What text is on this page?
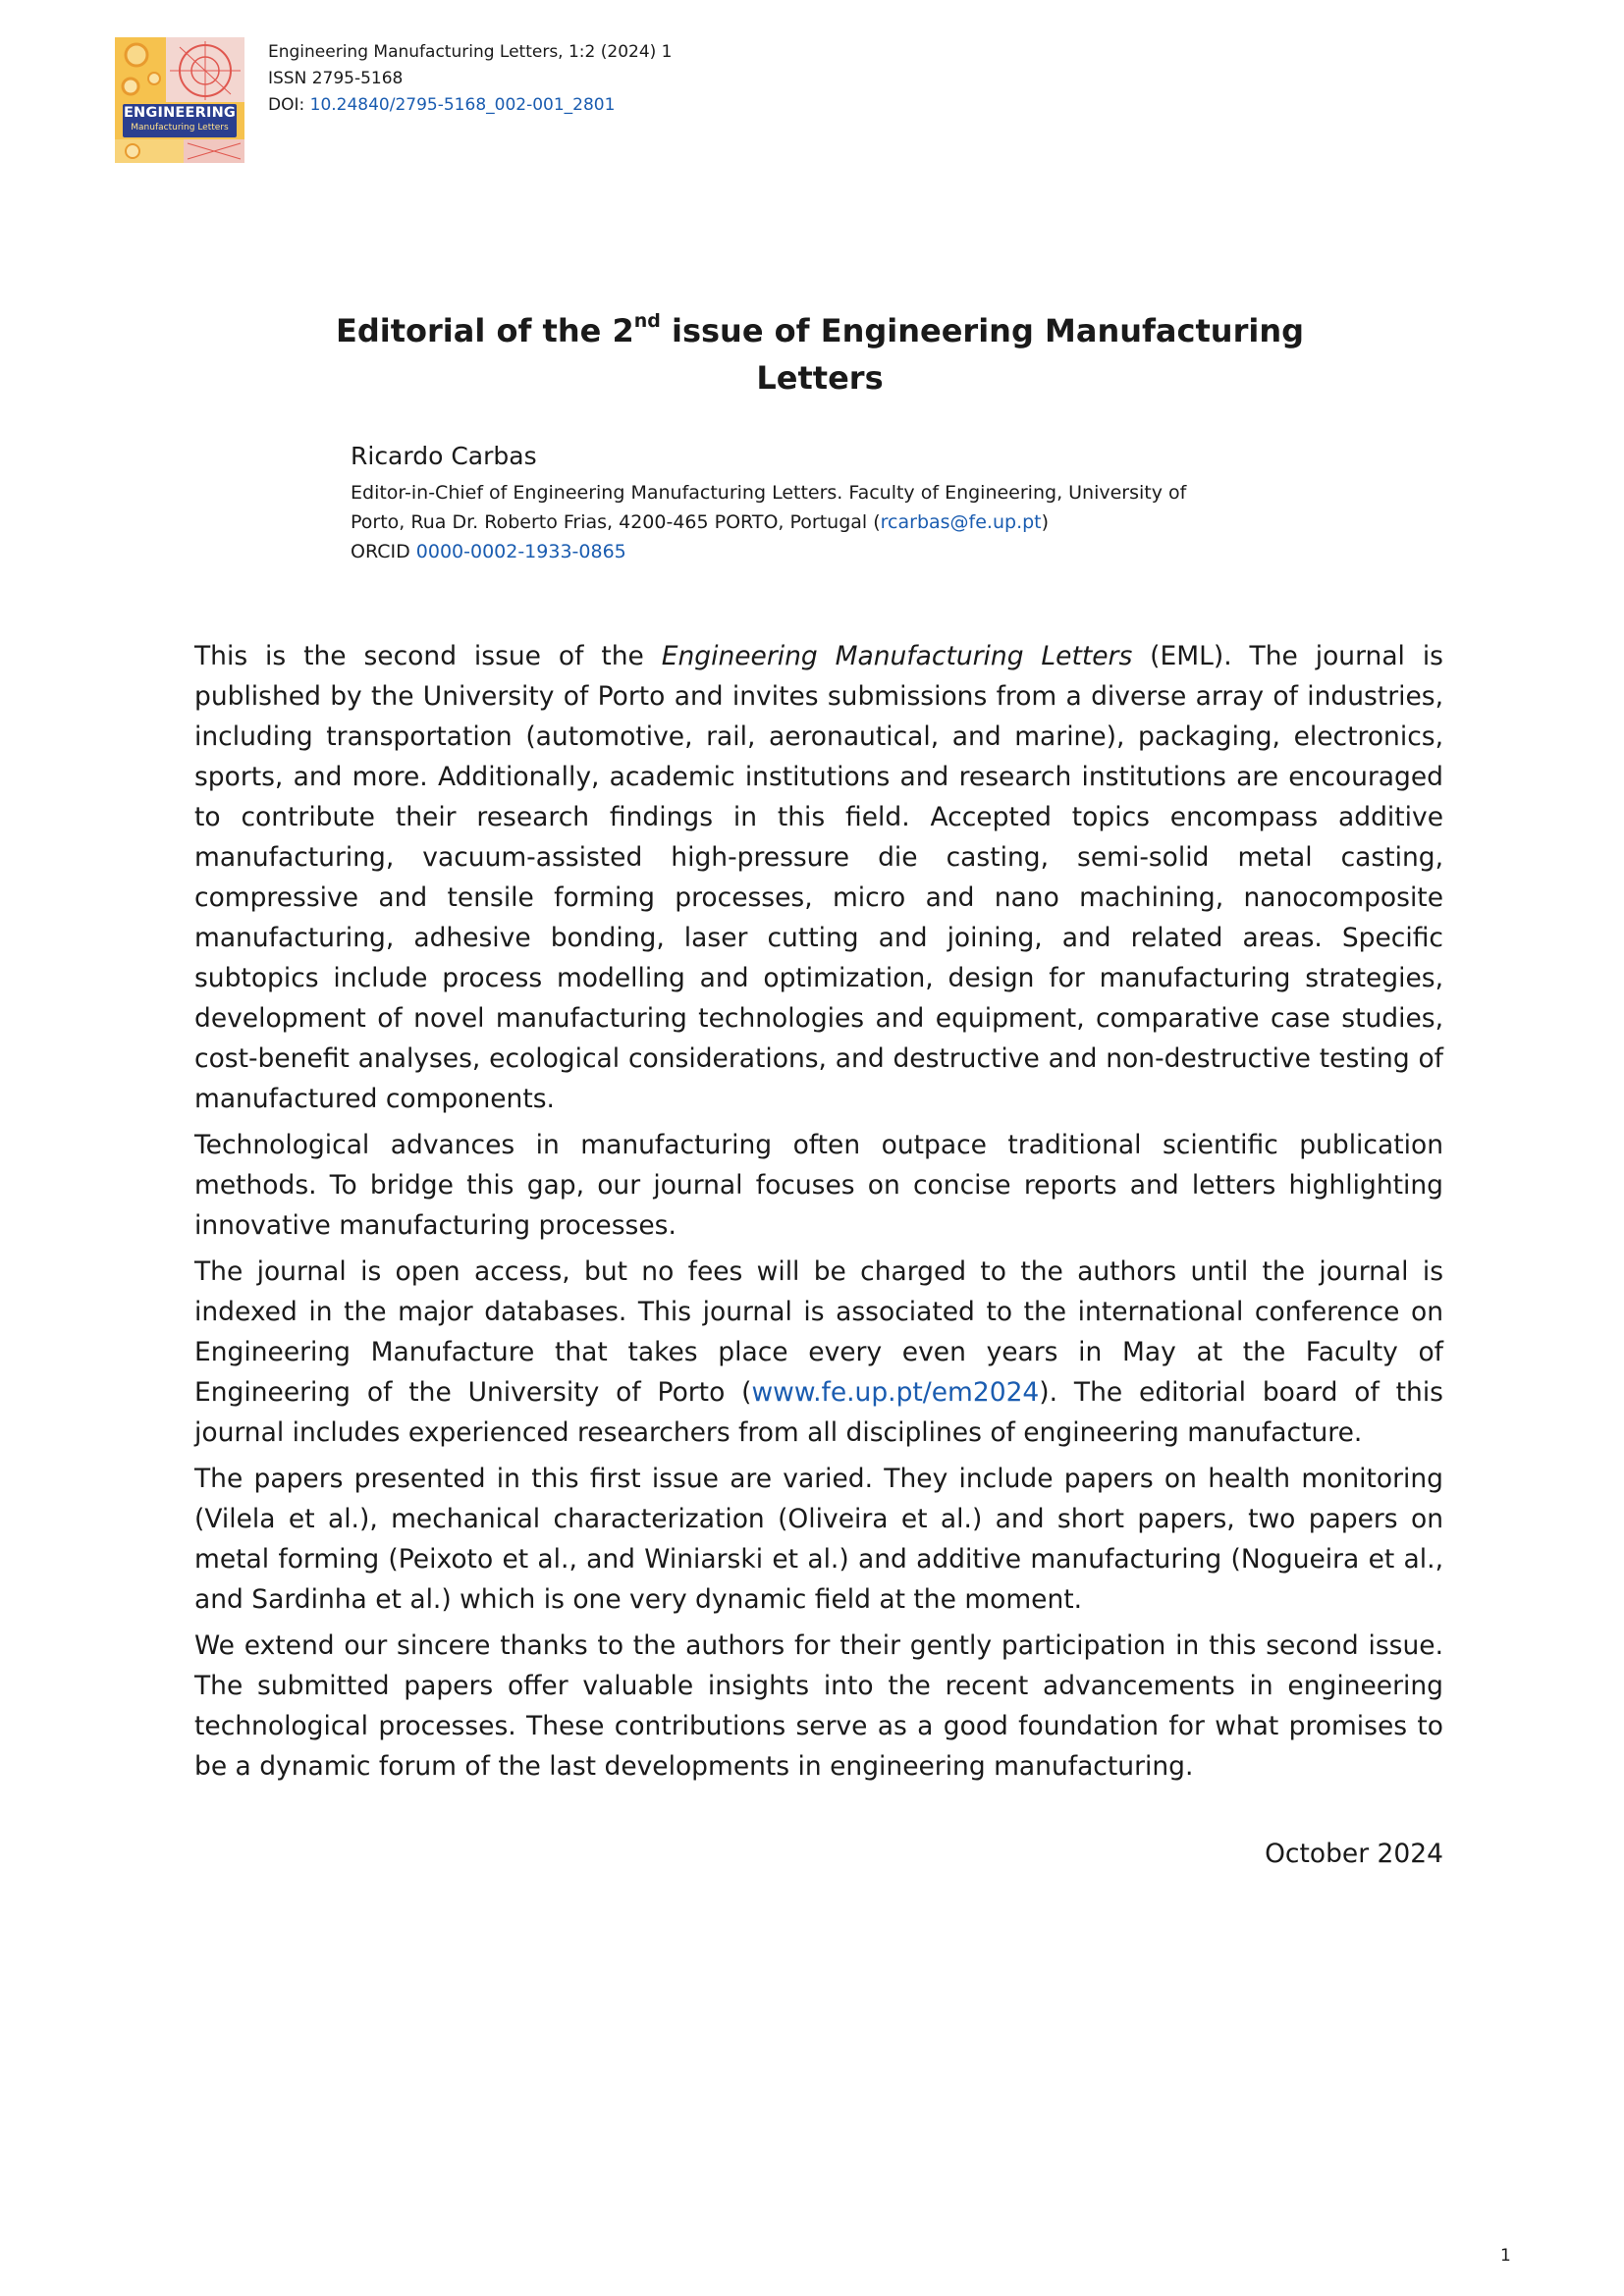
ENGINEERING
Manufacturing Letters
Engineering Manufacturing Letters, 1:2 (2024) 1
ISSN 2795-5168
DOI: 10.24840/2795-5168_002-001_2801
Editorial of the 2nd issue of Engineering Manufacturing
Letters
Ricardo Carbas
Editor-in-Chief of Engineering Manufacturing Letters. Faculty of Engineering, University of
Porto, Rua Dr. Roberto Frias, 4200-465 PORTO, Portugal (rcarbas@fe.up.pt)
ORCID 0000-0002-1933-0865

This is the second issue of the Engineering Manufacturing Letters (EML). The journal is published by the University of Porto and invites submissions from a diverse array of industries, including transportation (automotive, rail, aeronautical, and marine), packaging, electronics, sports, and more. Additionally, academic institutions and research institutions are encouraged to contribute their research findings in this field. Accepted topics encompass additive manufacturing, vacuum-assisted high-pressure die casting, semi-solid metal casting, compressive and tensile forming processes, micro and nano machining, nanocomposite manufacturing, adhesive bonding, laser cutting and joining, and related areas. Specific subtopics include process modelling and optimization, design for manufacturing strategies, development of novel manufacturing technologies and equipment, comparative case studies, cost-benefit analyses, ecological considerations, and destructive and non-destructive testing of manufactured components.

Technological advances in manufacturing often outpace traditional scientific publication methods. To bridge this gap, our journal focuses on concise reports and letters highlighting innovative manufacturing processes.

The journal is open access, but no fees will be charged to the authors until the journal is indexed in the major databases. This journal is associated to the international conference on Engineering Manufacture that takes place every even years in May at the Faculty of Engineering of the University of Porto (www.fe.up.pt/em2024). The editorial board of this journal includes experienced researchers from all disciplines of engineering manufacture.

The papers presented in this first issue are varied. They include papers on health monitoring (Vilela et al.), mechanical characterization (Oliveira et al.) and short papers, two papers on metal forming (Peixoto et al., and Winiarski et al.) and additive manufacturing (Nogueira et al., and Sardinha et al.) which is one very dynamic field at the moment.

We extend our sincere thanks to the authors for their gently participation in this second issue. The submitted papers offer valuable insights into the recent advancements in engineering technological processes. These contributions serve as a good foundation for what promises to be a dynamic forum of the last developments in engineering manufacturing.

October 2024
1
